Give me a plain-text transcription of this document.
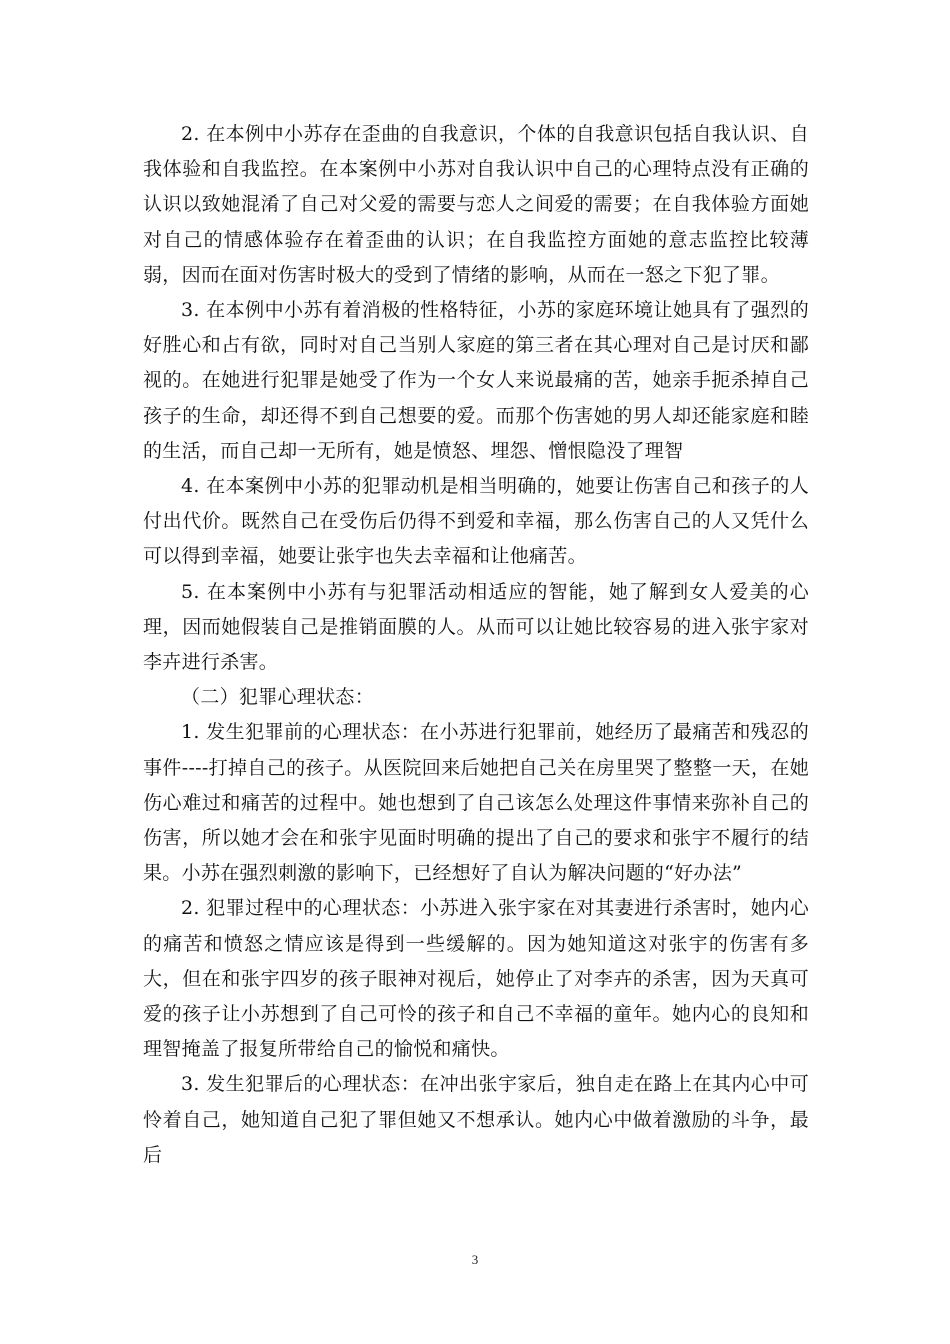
2. 在本例中小苏存在歪曲的自我意识，个体的自我意识包括自我认识、自我体验和自我监控。在本案例中小苏对自我认识中自己的心理特点没有正确的认识以致她混淆了自己对父爱的需要与恋人之间爱的需要；在自我体验方面她对自己的情感体验存在着歪曲的认识；在自我监控方面她的意志监控比较薄弱，因而在面对伤害时极大的受到了情绪的影响，从而在一怒之下犯了罪。

3. 在本例中小苏有着消极的性格特征，小苏的家庭环境让她具有了强烈的好胜心和占有欲，同时对自己当别人家庭的第三者在其心理对自己是讨厌和鄙视的。在她进行犯罪是她受了作为一个女人来说最痛的苦，她亲手扼杀掉自己孩子的生命，却还得不到自己想要的爱。而那个伤害她的男人却还能家庭和睦的生活，而自己却一无所有，她是愤怒、埋怨、憎恨隐没了理智

4. 在本案例中小苏的犯罪动机是相当明确的，她要让伤害自己和孩子的人付出代价。既然自己在受伤后仍得不到爱和幸福，那么伤害自己的人又凭什么可以得到幸福，她要让张宇也失去幸福和让他痛苦。

5. 在本案例中小苏有与犯罪活动相适应的智能，她了解到女人爱美的心理，因而她假装自己是推销面膜的人。从而可以让她比较容易的进入张宇家对李卉进行杀害。

（二）犯罪心理状态：

1. 发生犯罪前的心理状态：在小苏进行犯罪前，她经历了最痛苦和残忍的事件----打掉自己的孩子。从医院回来后她把自己关在房里哭了整整一天，在她伤心难过和痛苦的过程中。她也想到了自己该怎么处理这件事情来弥补自己的伤害，所以她才会在和张宇见面时明确的提出了自己的要求和张宇不履行的结果。小苏在强烈刺激的影响下，已经想好了自认为解决问题的“好办法”

2. 犯罪过程中的心理状态：小苏进入张宇家在对其妻进行杀害时，她内心的痛苦和愤怒之情应该是得到一些缓解的。因为她知道这对张宇的伤害有多大，但在和张宇四岁的孩子眼神对视后，她停止了对李卉的杀害，因为天真可爱的孩子让小苏想到了自己可怜的孩子和自己不幸福的童年。她内心的良知和理智掩盖了报复所带给自己的愉悦和痛快。

3. 发生犯罪后的心理状态：在冲出张宇家后，独自走在路上在其内心中可怜着自己，她知道自己犯了罪但她又不想承认。她内心中做着激励的斗争，最后

3
